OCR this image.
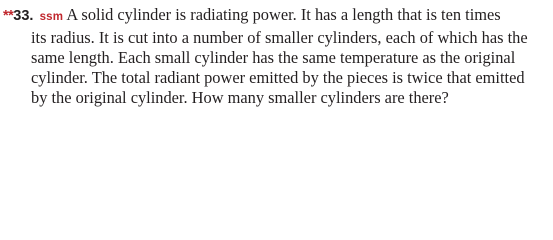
**33. ssm A solid cylinder is radiating power. It has a length that is ten times
its radius. It is cut into a number of smaller cylinders, each of which has the
same length. Each small cylinder has the same temperature as the original
cylinder. The total radiant power emitted by the pieces is twice that emitted
by the original cylinder. How many smaller cylinders are there?
